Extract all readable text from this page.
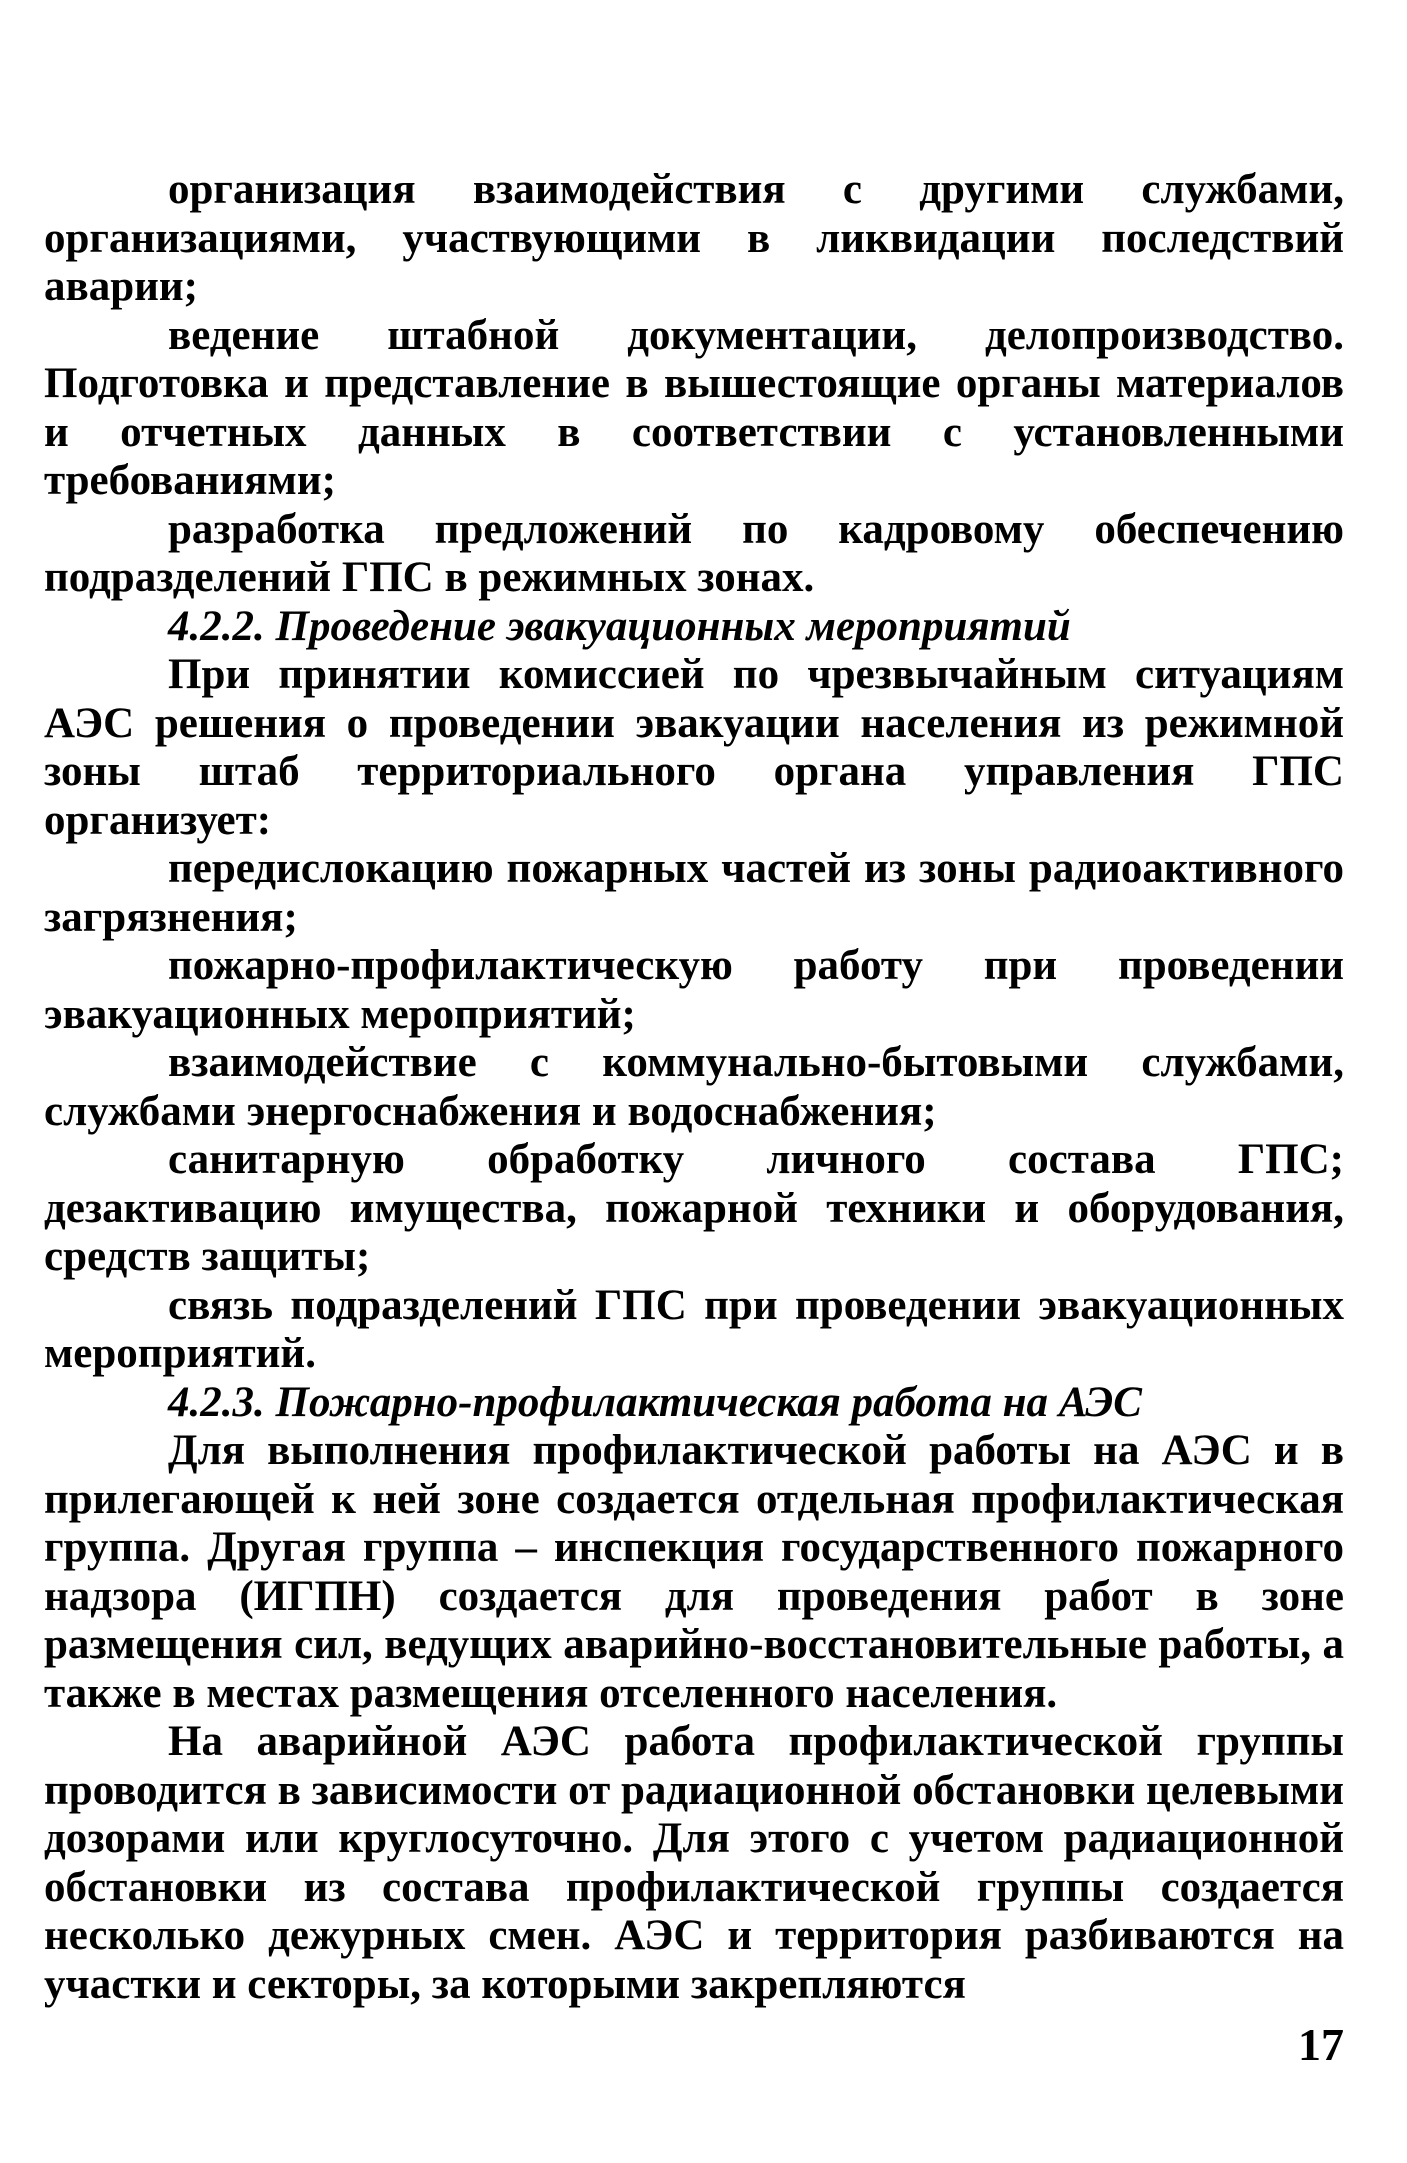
организация взаимодействия с другими службами, организациями, участвующими в ликвидации последствий аварии;

ведение штабной документации, делопроизводство. Подготовка и представление в вышестоящие органы материалов и отчетных данных в соответствии с установленными требованиями;

разработка предложений по кадровому обеспечению подразделений ГПС в режимных зонах.

4.2.2. Проведение эвакуационных мероприятий

При принятии комиссией по чрезвычайным ситуациям АЭС решения о проведении эвакуации населения из режимной зоны штаб территориального органа управления ГПС организует:

передислокацию пожарных частей из зоны радиоактивного загрязнения;

пожарно-профилактическую работу при проведении эвакуационных мероприятий;

взаимодействие с коммунально-бытовыми службами, службами энергоснабжения и водоснабжения;

санитарную обработку личного состава ГПС; дезактивацию имущества, пожарной техники и оборудования, средств защиты;

связь подразделений ГПС при проведении эвакуационных мероприятий.

4.2.3. Пожарно-профилактическая работа на АЭС

Для выполнения профилактической работы на АЭС и в прилегающей к ней зоне создается отдельная профилактическая группа. Другая группа – инспекция государственного пожарного надзора (ИГПН) создается для проведения работ в зоне размещения сил, ведущих аварийно-восстановительные работы, а также в местах размещения отселенного населения.

На аварийной АЭС работа профилактической группы проводится в зависимости от радиационной обстановки целевыми дозорами или круглосуточно. Для этого с учетом радиационной обстановки из состава профилактической группы создается несколько дежурных смен. АЭС и территория разбиваются на участки и секторы, за которыми закрепляются

17
